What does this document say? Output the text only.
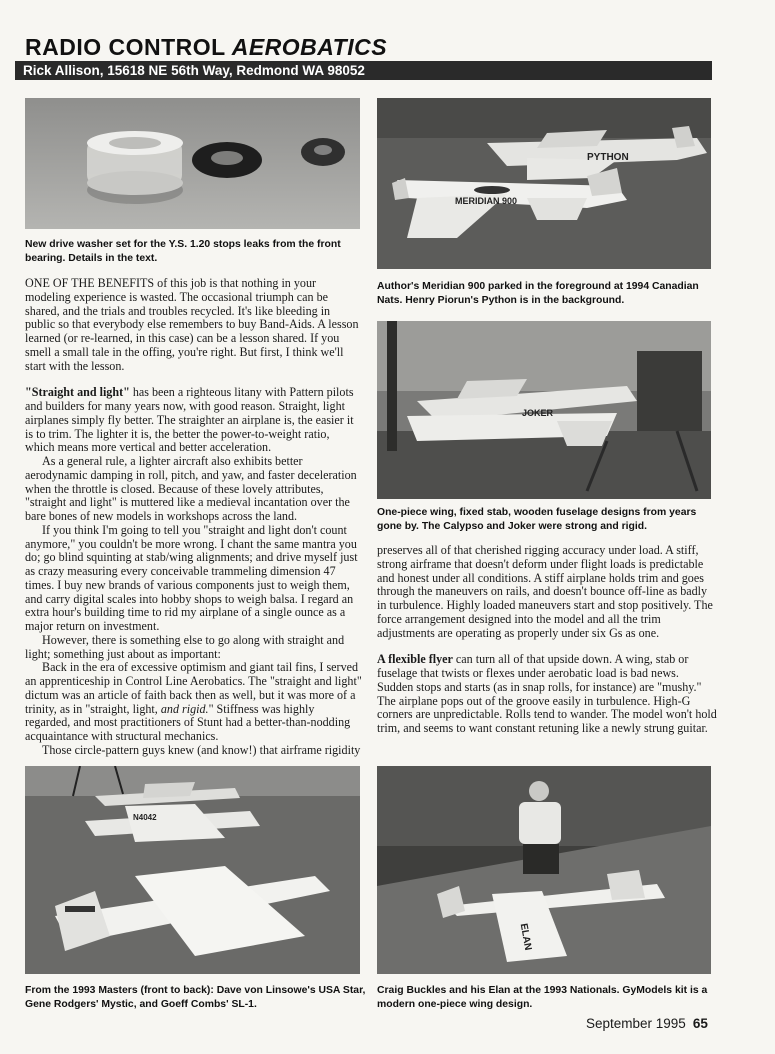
RADIO CONTROL AEROBATICS
Rick Allison, 15618 NE 56th Way, Redmond WA 98052
New drive washer set for the Y.S. 1.20 stops leaks from the front bearing. Details in the text.
PYTHON
MERIDIAN 900
Author's Meridian 900 parked in the foreground at 1994 Canadian Nats. Henry Piorun's Python is in the background.
JOKER
One-piece wing, fixed stab, wooden fuselage designs from years gone by. The Calypso and Joker were strong and rigid.

ONE OF THE BENEFITS of this job is that nothing in your modeling experience is wasted. The occasional triumph can be shared, and the trials and troubles recycled. It's like bleeding in public so that everybody else remembers to buy Band-Aids. A lesson learned (or re-learned, in this case) can be a lesson shared. If you smell a small tale in the offing, you're right. But first, I think we'll start with the lesson.

"Straight and light" has been a righteous litany with Pattern pilots and builders for many years now, with good reason. Straight, light airplanes simply fly better. The straighter an airplane is, the easier it is to trim. The lighter it is, the better the power-to-weight ratio, which means more vertical and better acceleration.

As a general rule, a lighter aircraft also exhibits better aerodynamic damping in roll, pitch, and yaw, and faster deceleration when the throttle is closed. Because of these lovely attributes, "straight and light" is muttered like a medieval incantation over the bare bones of new models in workshops across the land.

If you think I'm going to tell you "straight and light don't count anymore," you couldn't be more wrong. I chant the same mantra you do; go blind squinting at stab/wing alignments; and drive myself just as crazy measuring every conceivable trammeling dimension 47 times. I buy new brands of various components just to weigh them, and carry digital scales into hobby shops to weigh balsa. I regard an extra hour's building time to rid my airplane of a single ounce as a major return on investment.

However, there is something else to go along with straight and light; something just about as important:

Back in the era of excessive optimism and giant tail fins, I served an apprenticeship in Control Line Aerobatics. The "straight and light" dictum was an article of faith back then as well, but it was more of a trinity, as in "straight, light, and rigid." Stiffness was highly regarded, and most practitioners of Stunt had a better-than-nodding acquaintance with structural mechanics.

Those circle-pattern guys knew (and know!) that airframe rigidity

preserves all of that cherished rigging accuracy under load. A stiff, strong airframe that doesn't deform under flight loads is predictable and honest under all conditions. A stiff airplane holds trim and goes through the maneuvers on rails, and doesn't bounce off-line as badly in turbulence. Highly loaded maneuvers start and stop positively. The force arrangement designed into the model and all the trim adjustments are operating as properly under six Gs as one.

A flexible flyer can turn all of that upside down. A wing, stab or fuselage that twists or flexes under aerobatic load is bad news. Sudden stops and starts (as in snap rolls, for instance) are "mushy." The airplane pops out of the groove easily in turbulence. High-G corners are unpredictable. Rolls tend to wander. The model won't hold trim, and seems to want constant retuning like a newly strung guitar.

N4042
From the 1993 Masters (front to back): Dave von Linsowe's USA Star, Gene Rodgers' Mystic, and Goeff Combs' SL-1.
ELAN
Craig Buckles and his Elan at the 1993 Nationals. GyModels kit is a modern one-piece wing design.
September 1995 65
